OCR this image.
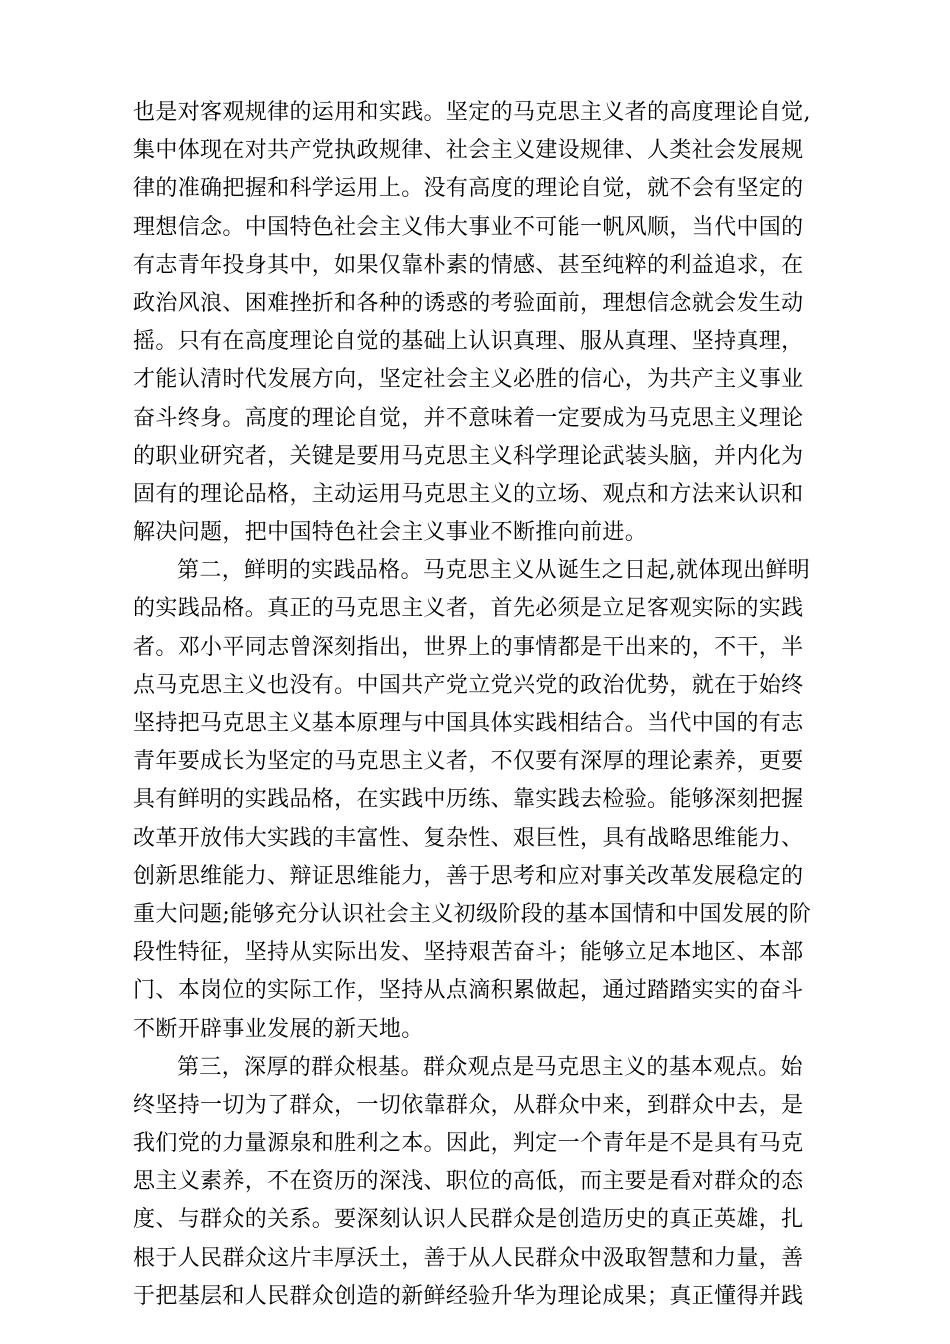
也是对客观规律的运用和实践。坚定的马克思主义者的高度理论自觉,
集中体现在对共产党执政规律、社会主义建设规律、人类社会发展规
律的准确把握和科学运用上。没有高度的理论自觉，就不会有坚定的
理想信念。中国特色社会主义伟大事业不可能一帆风顺，当代中国的
有志青年投身其中，如果仅靠朴素的情感、甚至纯粹的利益追求，在
政治风浪、困难挫折和各种的诱惑的考验面前，理想信念就会发生动
摇。只有在高度理论自觉的基础上认识真理、服从真理、坚持真理，
才能认清时代发展方向，坚定社会主义必胜的信心，为共产主义事业
奋斗终身。高度的理论自觉，并不意味着一定要成为马克思主义理论
的职业研究者，关键是要用马克思主义科学理论武装头脑，并内化为
固有的理论品格，主动运用马克思主义的立场、观点和方法来认识和
解决问题，把中国特色社会主义事业不断推向前进。
第二，鲜明的实践品格。马克思主义从诞生之日起,就体现出鲜明
的实践品格。真正的马克思主义者，首先必须是立足客观实际的实践
者。邓小平同志曾深刻指出，世界上的事情都是干出来的，不干，半
点马克思主义也没有。中国共产党立党兴党的政治优势，就在于始终
坚持把马克思主义基本原理与中国具体实践相结合。当代中国的有志
青年要成长为坚定的马克思主义者，不仅要有深厚的理论素养，更要
具有鲜明的实践品格，在实践中历练、靠实践去检验。能够深刻把握
改革开放伟大实践的丰富性、复杂性、艰巨性，具有战略思维能力、
创新思维能力、辩证思维能力，善于思考和应对事关改革发展稳定的
重大问题;能够充分认识社会主义初级阶段的基本国情和中国发展的阶
段性特征，坚持从实际出发、坚持艰苦奋斗；能够立足本地区、本部
门、本岗位的实际工作，坚持从点滴积累做起，通过踏踏实实的奋斗
不断开辟事业发展的新天地。
第三，深厚的群众根基。群众观点是马克思主义的基本观点。始
终坚持一切为了群众，一切依靠群众，从群众中来，到群众中去，是
我们党的力量源泉和胜利之本。因此，判定一个青年是不是具有马克
思主义素养，不在资历的深浅、职位的高低，而主要是看对群众的态
度、与群众的关系。要深刻认识人民群众是创造历史的真正英雄，扎
根于人民群众这片丰厚沃土，善于从人民群众中汲取智慧和力量，善
于把基层和人民群众创造的新鲜经验升华为理论成果；真正懂得并践
